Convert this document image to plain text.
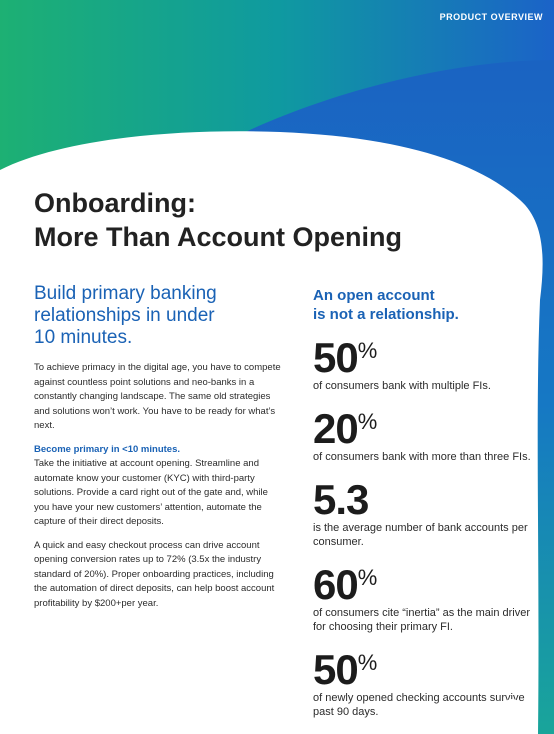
PRODUCT OVERVIEW
Onboarding:
More Than Account Opening
Build primary banking
relationships in under
10 minutes.

To achieve primacy in the digital age, you have to compete against countless point solutions and neo-banks in a constantly changing landscape. The same old strategies and solutions won’t work. You have to be ready for what’s next.

Become primary in <10 minutes.
Take the initiative at account opening. Streamline and automate know your customer (KYC) with third-party solutions. Provide a card right out of the gate and, while you have your new customers’ attention, automate the capture of their direct deposits.

A quick and easy checkout process can drive account opening conversion rates up to 72% (3.5x the industry standard of 20%). Proper onboarding practices, including the automation of direct deposits, can help boost account profitability by $200+per year.

An open account
is not a relationship.
50%
of consumers bank with multiple FIs.
20%
of consumers bank with more than three FIs.
5.3
is the average number of bank accounts per consumer.
60%
of consumers cite “inertia” as the main driver for choosing their primary FI.
50%
of newly opened checking accounts survive past 90 days.
